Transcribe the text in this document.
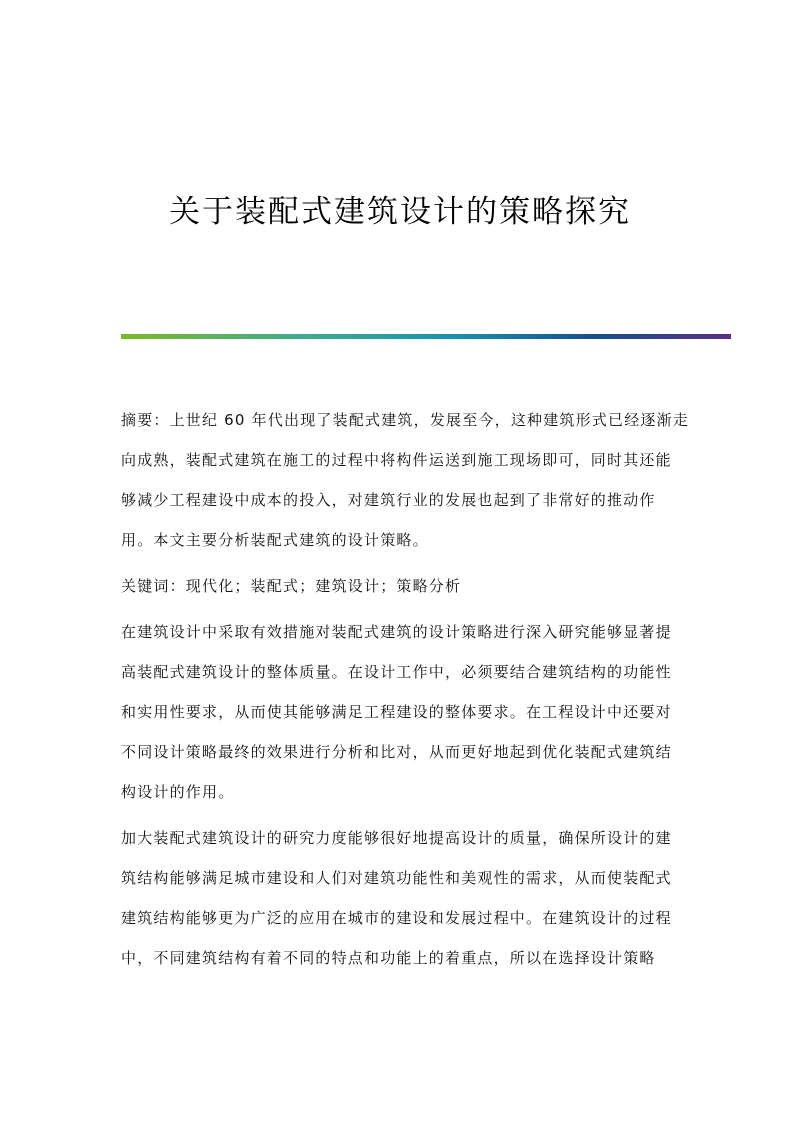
关于装配式建筑设计的策略探究
摘要：上世纪 60 年代出现了装配式建筑，发展至今，这种建筑形式已经逐渐走
向成熟，装配式建筑在施工的过程中将构件运送到施工现场即可，同时其还能
够减少工程建设中成本的投入，对建筑行业的发展也起到了非常好的推动作
用。本文主要分析装配式建筑的设计策略。
关键词：现代化；装配式；建筑设计；策略分析
在建筑设计中采取有效措施对装配式建筑的设计策略进行深入研究能够显著提
高装配式建筑设计的整体质量。在设计工作中，必须要结合建筑结构的功能性
和实用性要求，从而使其能够满足工程建设的整体要求。在工程设计中还要对
不同设计策略最终的效果进行分析和比对，从而更好地起到优化装配式建筑结
构设计的作用。
加大装配式建筑设计的研究力度能够很好地提高设计的质量，确保所设计的建
筑结构能够满足城市建设和人们对建筑功能性和美观性的需求，从而使装配式
建筑结构能够更为广泛的应用在城市的建设和发展过程中。在建筑设计的过程
中，不同建筑结构有着不同的特点和功能上的着重点，所以在选择设计策略
